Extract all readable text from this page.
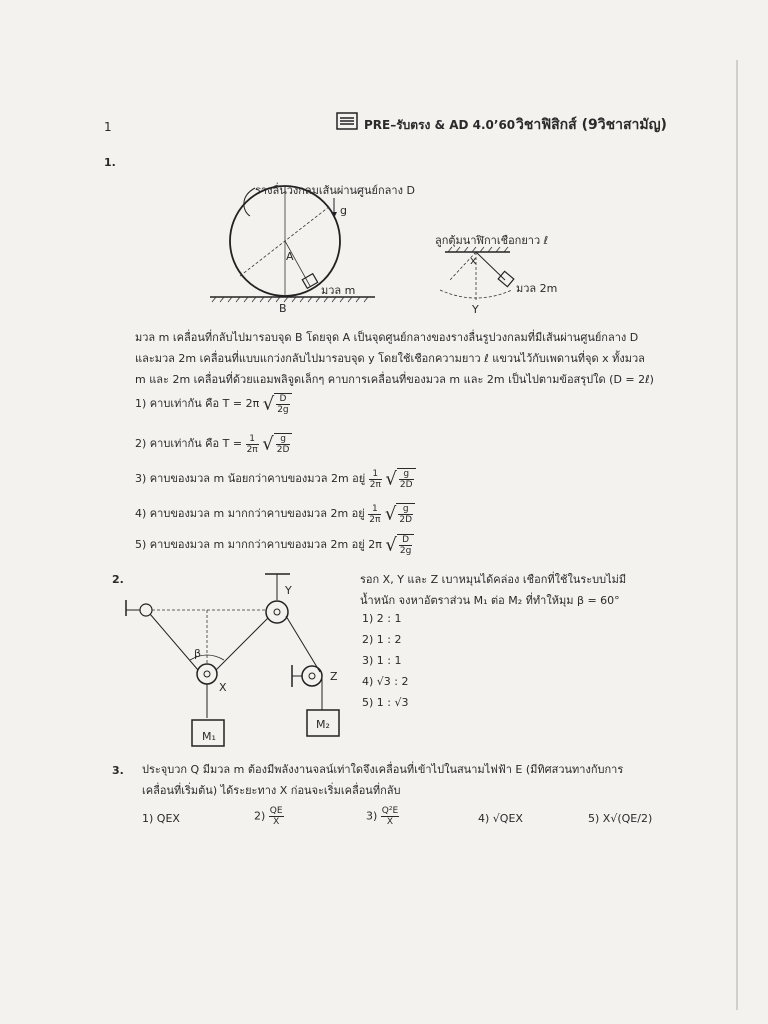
1	PRE–รับตรง & AD 4.0’60 วิชาฟิสิกส์ (9วิชาสามัญ)
1.
รางลื่นวงกลมเส้นผ่านศูนย์กลาง D
g
A
B
มวล m
ลูกตุ้มนาฬิกาเชือกยาว ℓ
x
Y
มวล 2m
มวล m เคลื่อนที่กลับไปมารอบจุด B โดยจุด A เป็นจุดศูนย์กลางของรางลื่นรูปวงกลมที่มีเส้นผ่านศูนย์กลาง D
และมวล 2m เคลื่อนที่แบบแกว่งกลับไปมารอบจุด y โดยใช้เชือกความยาว ℓ แขวนไว้กับเพดานที่จุด x ทั้งมวล
m และ 2m เคลื่อนที่ด้วยแอมพลิจูดเล็กๆ คาบการเคลื่อนที่ของมวล m และ 2m เป็นไปตามข้อสรุปใด (D = 2ℓ)
1) คาบเท่ากัน คือ T = 2π √ $\frac{D}{2g}$
2) คาบเท่ากัน คือ $T = \frac{1}{2\pi}$ √ $\frac{g}{2D}$
3) คาบของมวล m น้อยกว่าคาบของมวล 2m อยู่ $\frac{1}{2\pi}$ √ $\frac{g}{2D}$
4) คาบของมวล m มากกว่าคาบของมวล 2m อยู่ $\frac{1}{2\pi}$ √ $\frac{g}{2D}$
5) คาบของมวล m มากกว่าคาบของมวล 2m อยู่ 2π √ $\frac{D}{2g}$
2.
β
X
Y
Z
M₁
M₂
รอก X, Y และ Z เบาหมุนได้คล่อง เชือกที่ใช้ในระบบไม่มี
น้ำหนัก จงหาอัตราส่วน M₁ ต่อ M₂ ที่ทำให้มุม β = 60°
1) 2 : 1
2) 1 : 2
3) 1 : 1
4) √3 : 2
5) 1 : √3
3. ประจุบวก Q มีมวล m ต้องมีพลังงานจลน์เท่าใดจึงเคลื่อนที่เข้าไปในสนามไฟฟ้า E (มีทิศสวนทางกับการ
เคลื่อนที่เริ่มต้น) ได้ระยะทาง X ก่อนจะเริ่มเคลื่อนที่กลับ
1) QEX	$2) \frac{QE}{X}$	$3) \frac{\text{Q²E}}{X}$	4) √QEX	5) X√(QE/2)
